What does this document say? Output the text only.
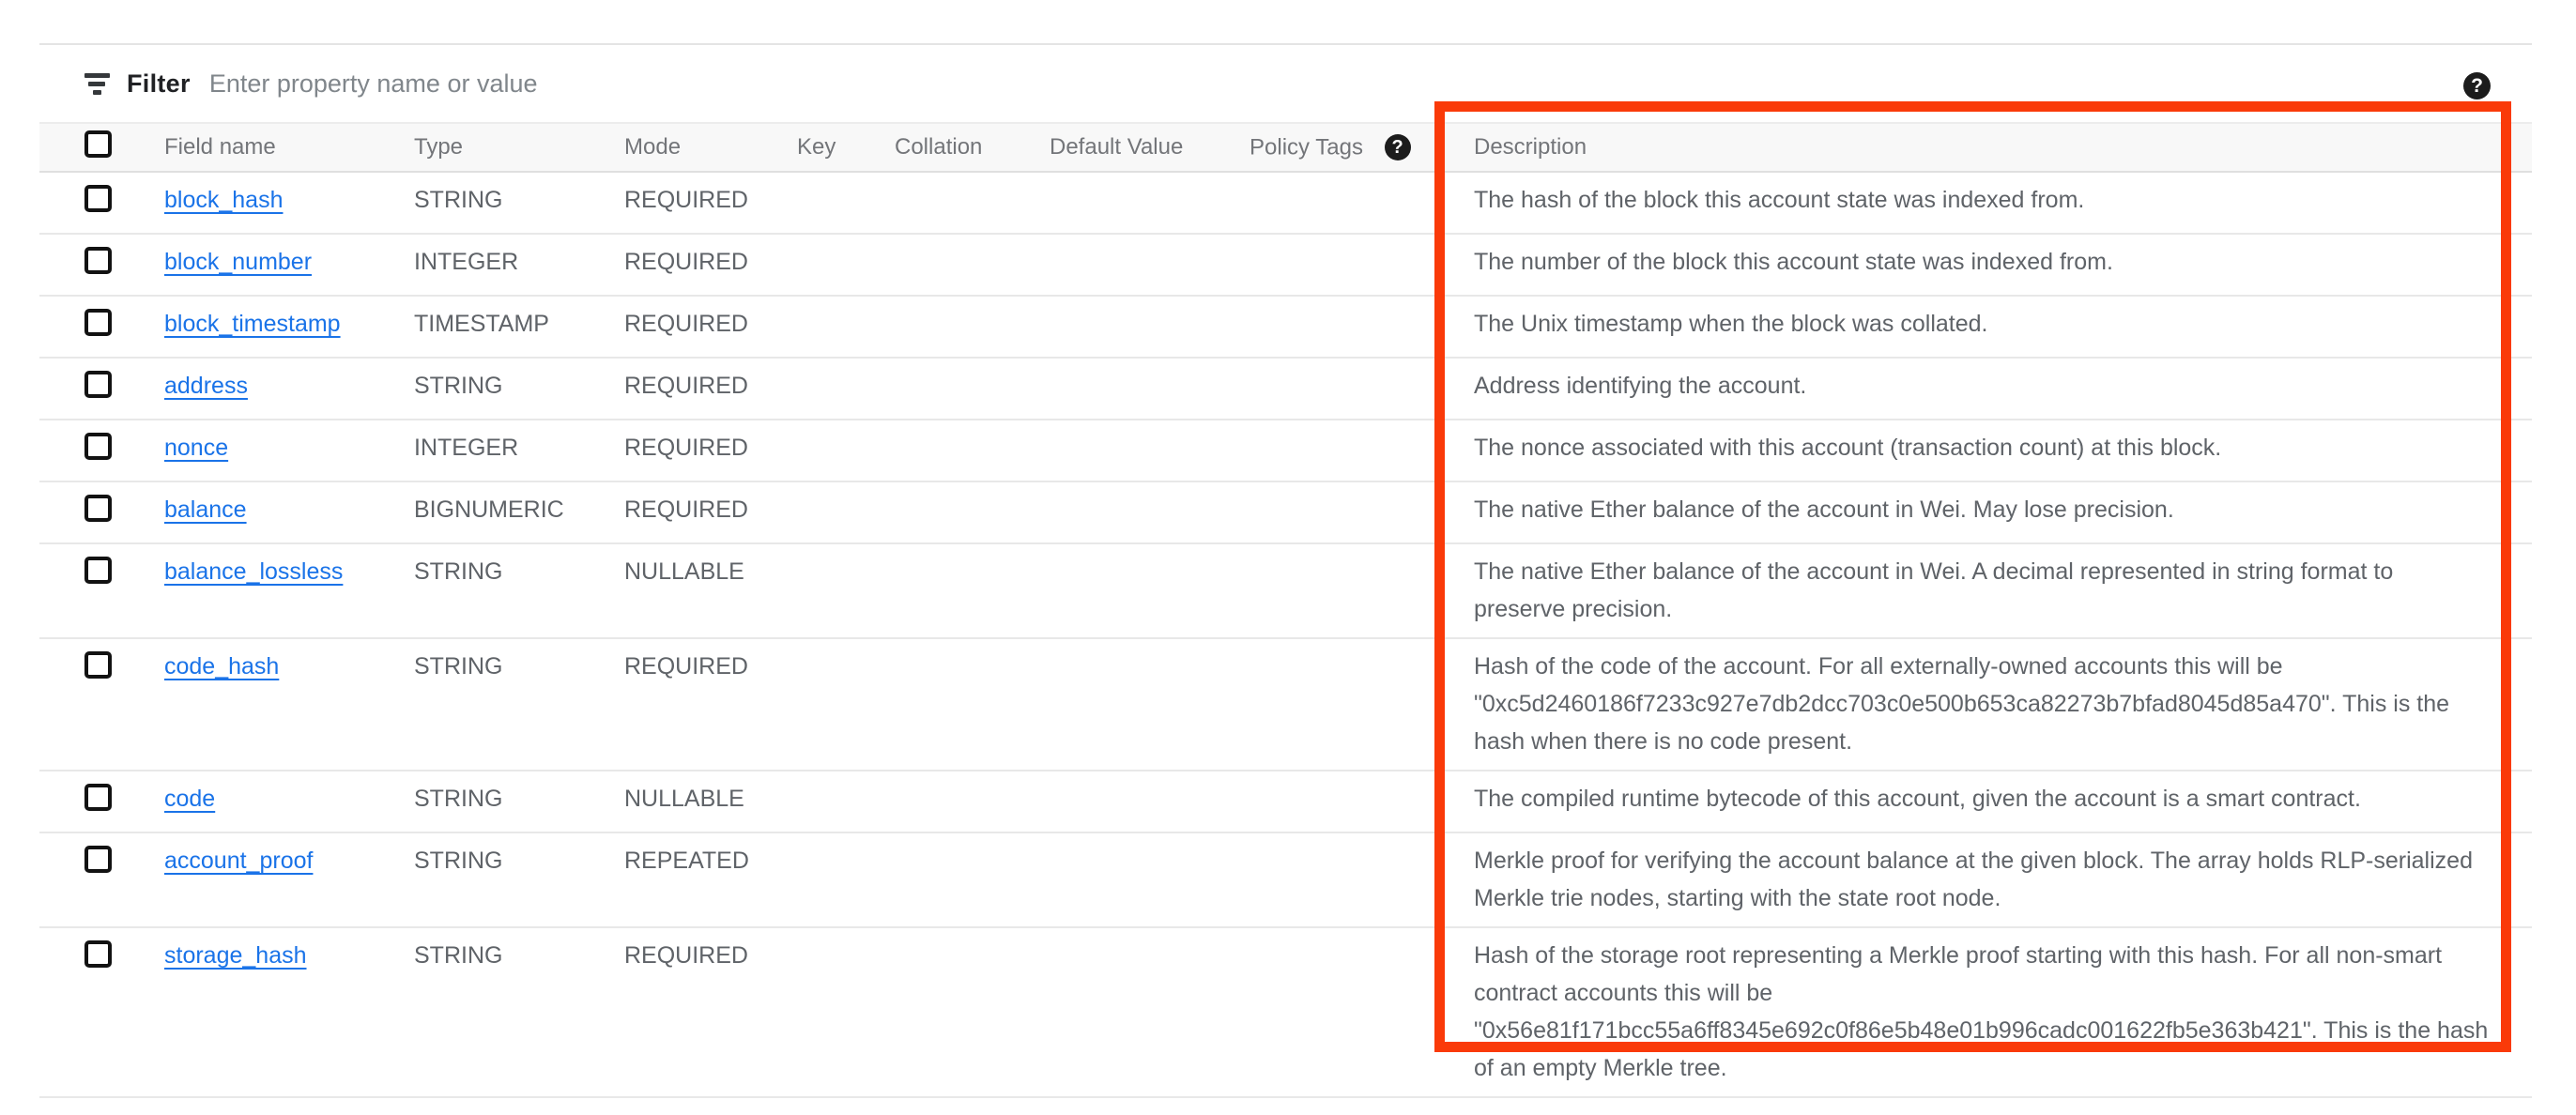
Filter
Enter property name or value	?
	Field name	Type	Mode	Key	Collation	Default Value	Policy Tags ?	Description
	block_hash	STRING	REQUIRED					The hash of the block this account state was indexed from.
	block_number	INTEGER	REQUIRED					The number of the block this account state was indexed from.
	block_timestamp	TIMESTAMP	REQUIRED					The Unix timestamp when the block was collated.
	address	STRING	REQUIRED					Address identifying the account.
	nonce	INTEGER	REQUIRED					The nonce associated with this account (transaction count) at this block.
	balance	BIGNUMERIC	REQUIRED					The native Ether balance of the account in Wei. May lose precision.
	balance_lossless	STRING	NULLABLE					The native Ether balance of the account in Wei. A decimal represented in string format to preserve precision.
	code_hash	STRING	REQUIRED					Hash of the code of the account. For all externally-owned accounts this will be "0xc5d2460186f7233c927e7db2dcc703c0e500b653ca82273b7bfad8045d85a470". This is the hash when there is no code present.
	code	STRING	NULLABLE					The compiled runtime bytecode of this account, given the account is a smart contract.
	account_proof	STRING	REPEATED					Merkle proof for verifying the account balance at the given block. The array holds RLP-serialized Merkle trie nodes, starting with the state root node.
	storage_hash	STRING	REQUIRED					Hash of the storage root representing a Merkle proof starting with this hash. For all non-smart contract accounts this will be "0x56e81f171bcc55a6ff8345e692c0f86e5b48e01b996cadc001622fb5e363b421". This is the hash of an empty Merkle tree.
